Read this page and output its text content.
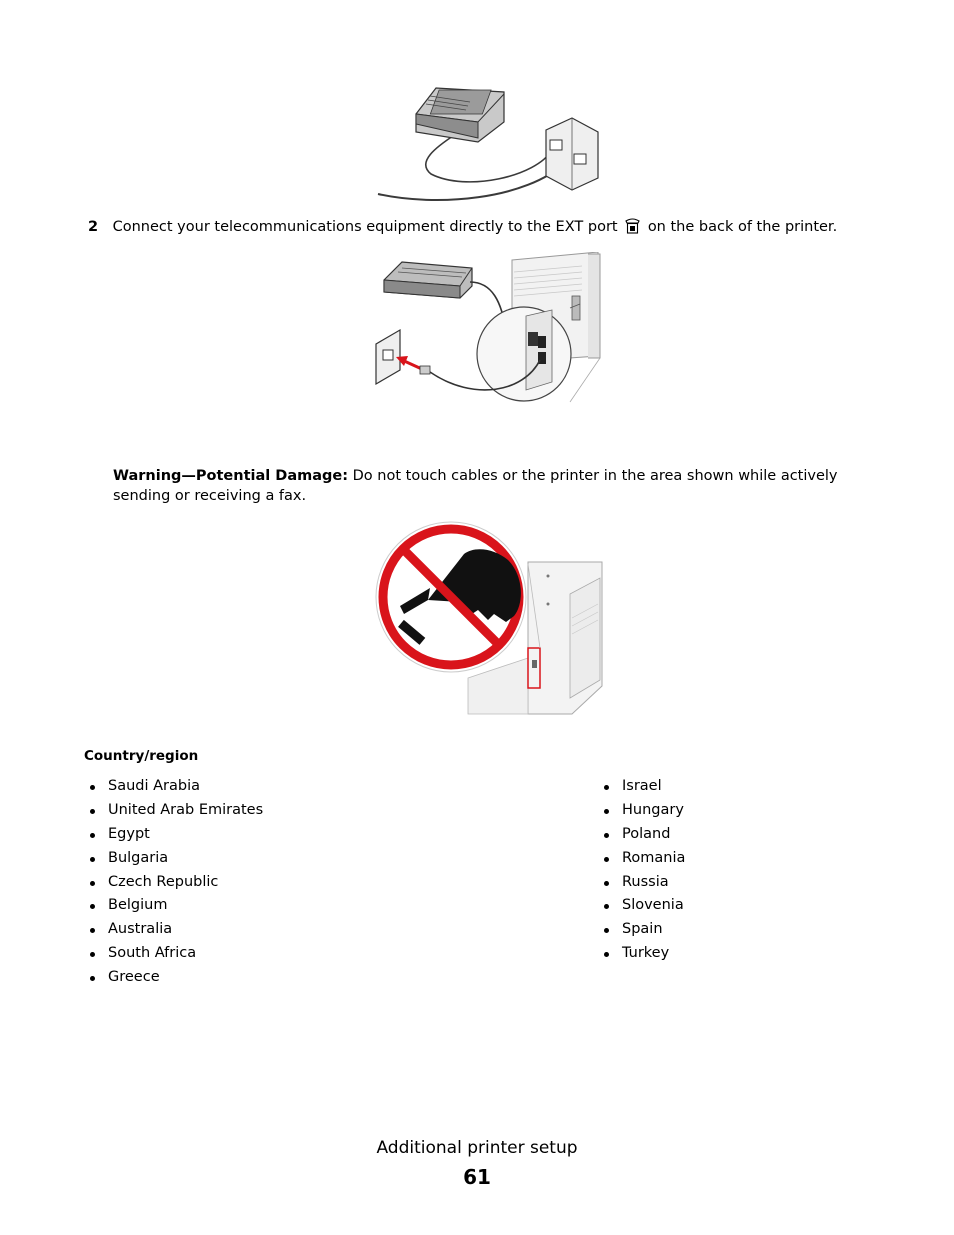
2 Connect your telecommunications equipment directly to the EXT port on the back of the printer.
Warning—Potential Damage: Do not touch cables or the printer in the area shown while actively sending or receiving a fax.
Country/region
Saudi Arabia
United Arab Emirates
Egypt
Bulgaria
Czech Republic
Belgium
Australia
South Africa
Greece
Israel
Hungary
Poland
Romania
Russia
Slovenia
Spain
Turkey
Additional printer setup
61
